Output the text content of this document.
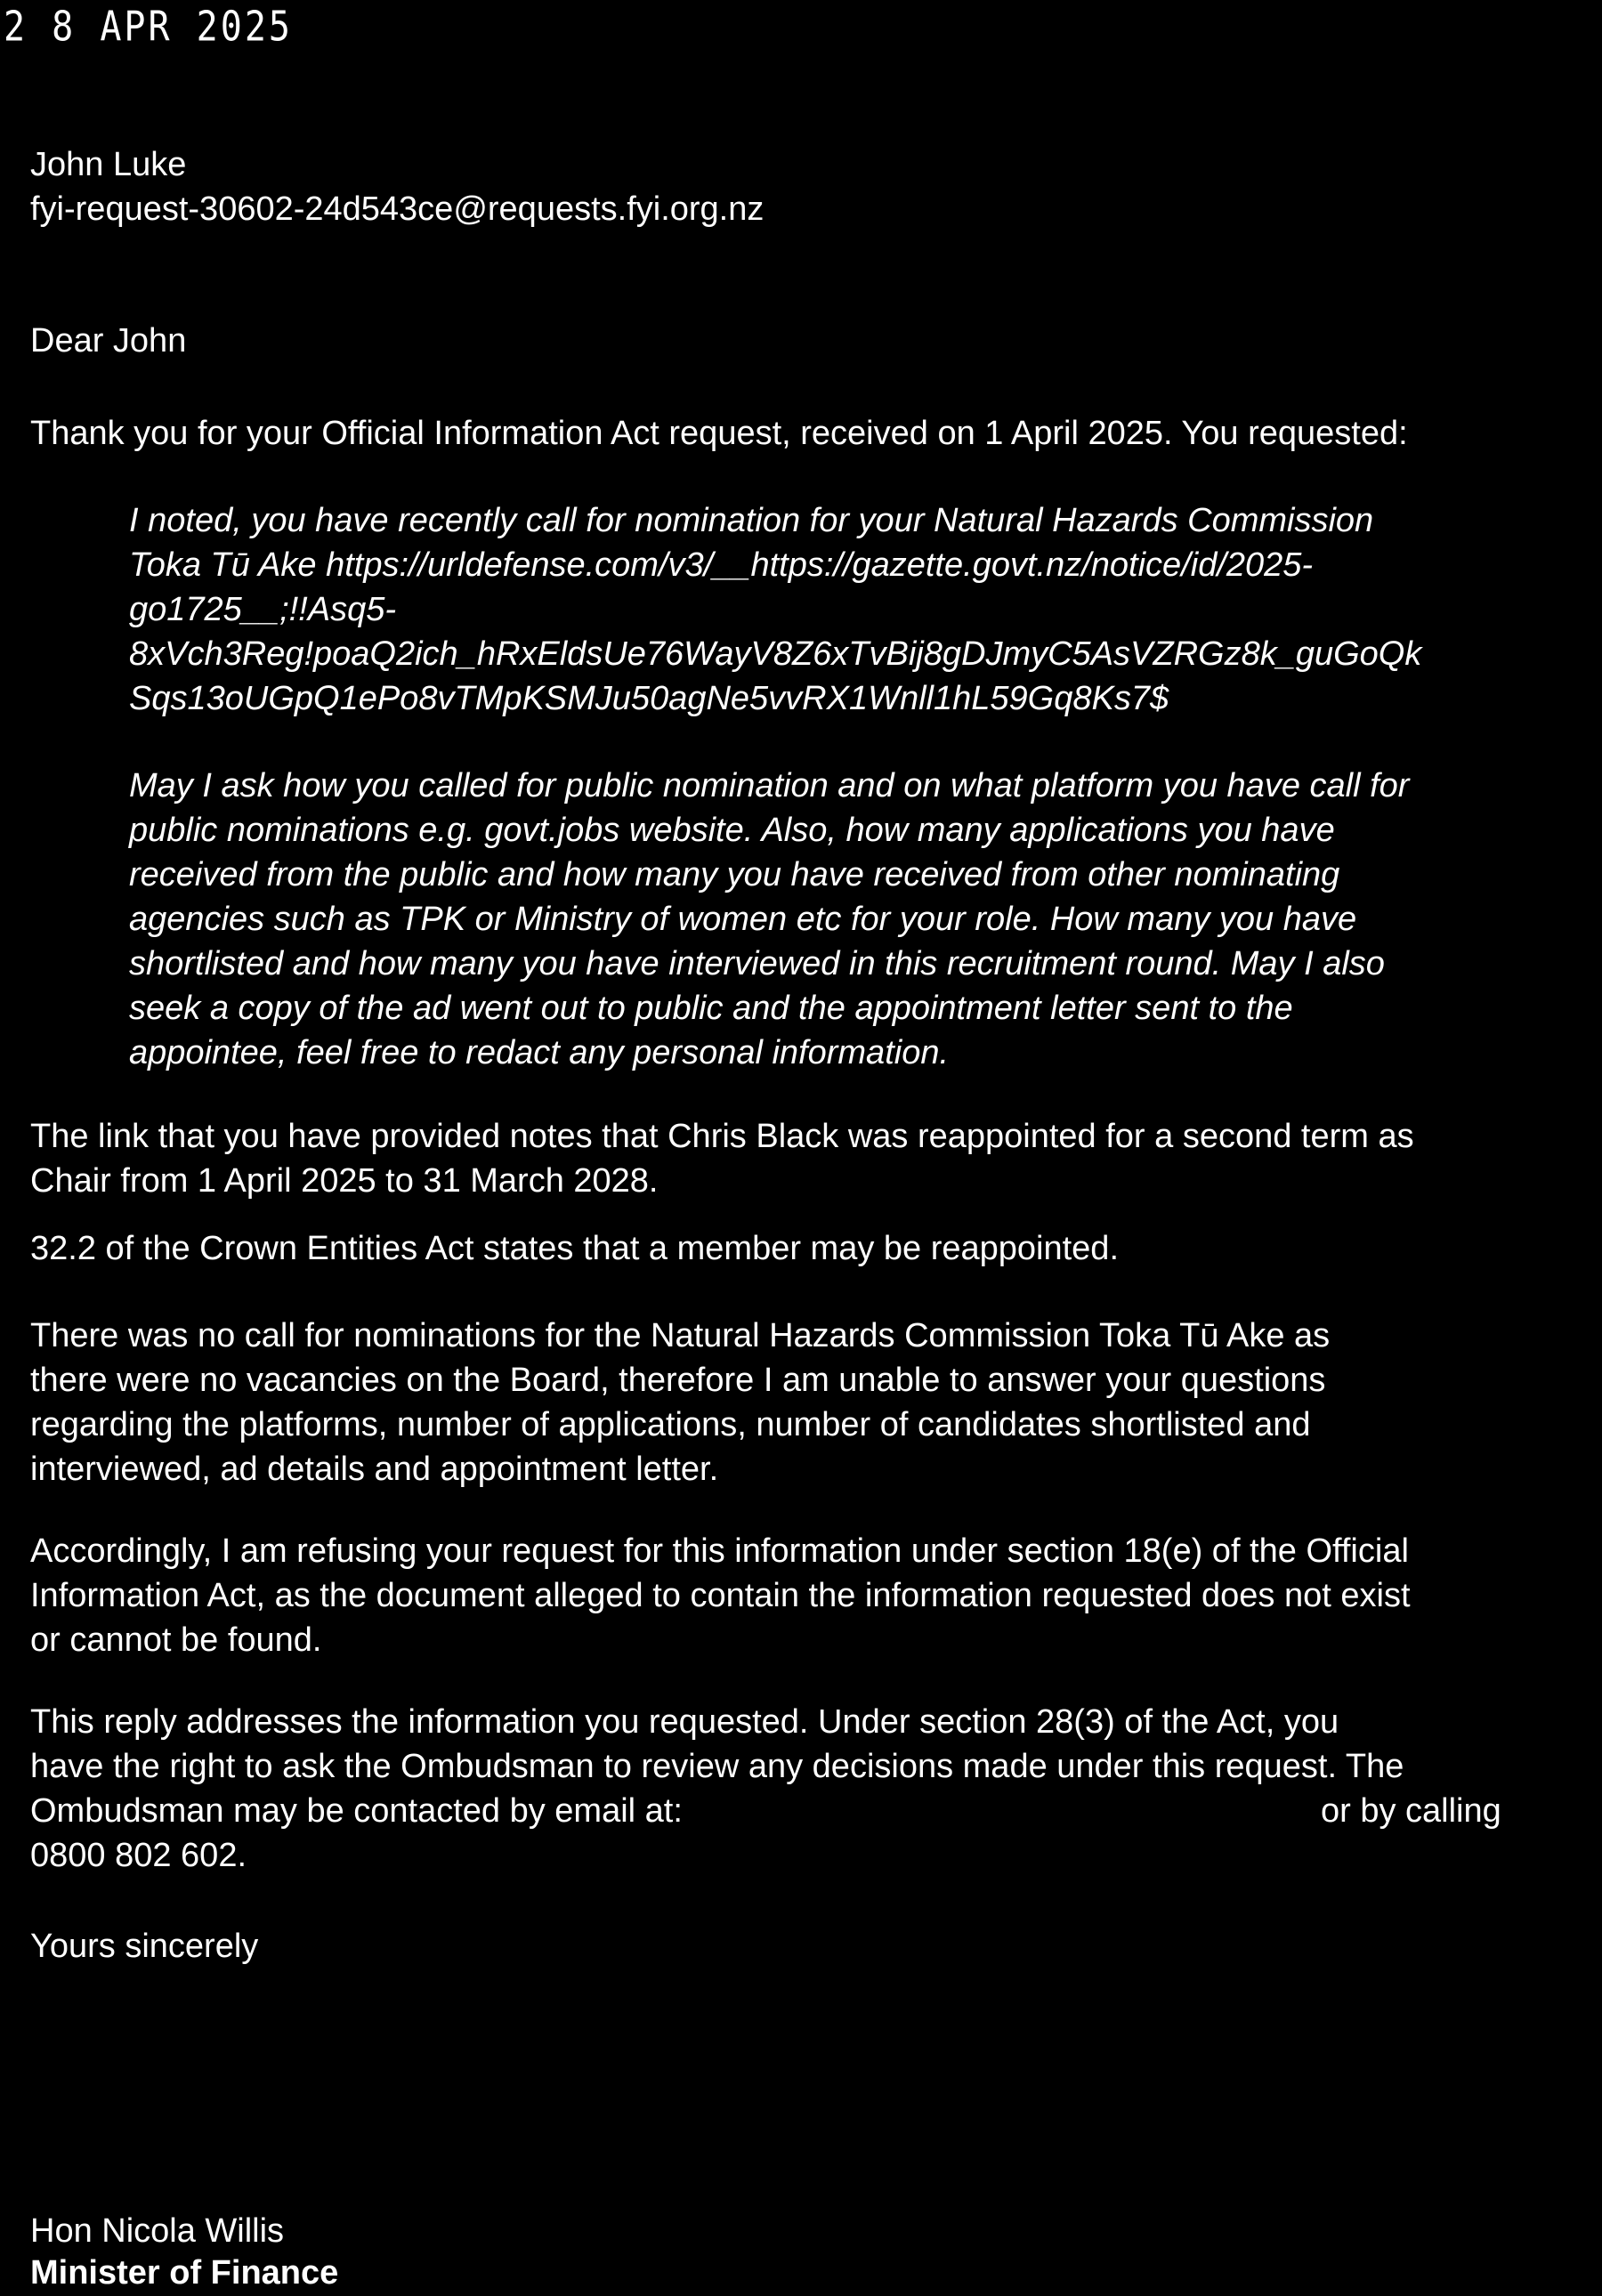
2 8 APR 2025
John Luke
fyi-request-30602-24d543ce@requests.fyi.org.nz
Dear John
Thank you for your Official Information Act request, received on 1 April 2025. You requested:
I noted, you have recently call for nomination for your Natural Hazards Commission
Toka Tū Ake https://urldefense.com/v3/__https://gazette.govt.nz/notice/id/2025-
go1725__;!!Asq5-
8xVch3Reg!poaQ2ich_hRxEldsUe76WayV8Z6xTvBij8gDJmyC5AsVZRGz8k_guGoQk
Sqs13oUGpQ1ePo8vTMpKSMJu50agNe5vvRX1Wnll1hL59Gq8Ks7$
May I ask how you called for public nomination and on what platform you have call for
public nominations e.g. govt.jobs website. Also, how many applications you have
received from the public and how many you have received from other nominating
agencies such as TPK or Ministry of women etc for your role. How many you have
shortlisted and how many you have interviewed in this recruitment round. May I also
seek a copy of the ad went out to public and the appointment letter sent to the
appointee, feel free to redact any personal information.
The link that you have provided notes that Chris Black was reappointed for a second term as
Chair from 1 April 2025 to 31 March 2028.
32.2 of the Crown Entities Act states that a member may be reappointed.
There was no call for nominations for the Natural Hazards Commission Toka Tū Ake as
there were no vacancies on the Board, therefore I am unable to answer your questions
regarding the platforms, number of applications, number of candidates shortlisted and
interviewed, ad details and appointment letter.
Accordingly, I am refusing your request for this information under section 18(e) of the Official
Information Act, as the document alleged to contain the information requested does not exist
or cannot be found.
This reply addresses the information you requested. Under section 28(3) of the Act, you
have the right to ask the Ombudsman to review any decisions made under this request. The
Ombudsman may be contacted by email at:	or by calling
0800 802 602.
Yours sincerely
Hon Nicola Willis
Minister of Finance
